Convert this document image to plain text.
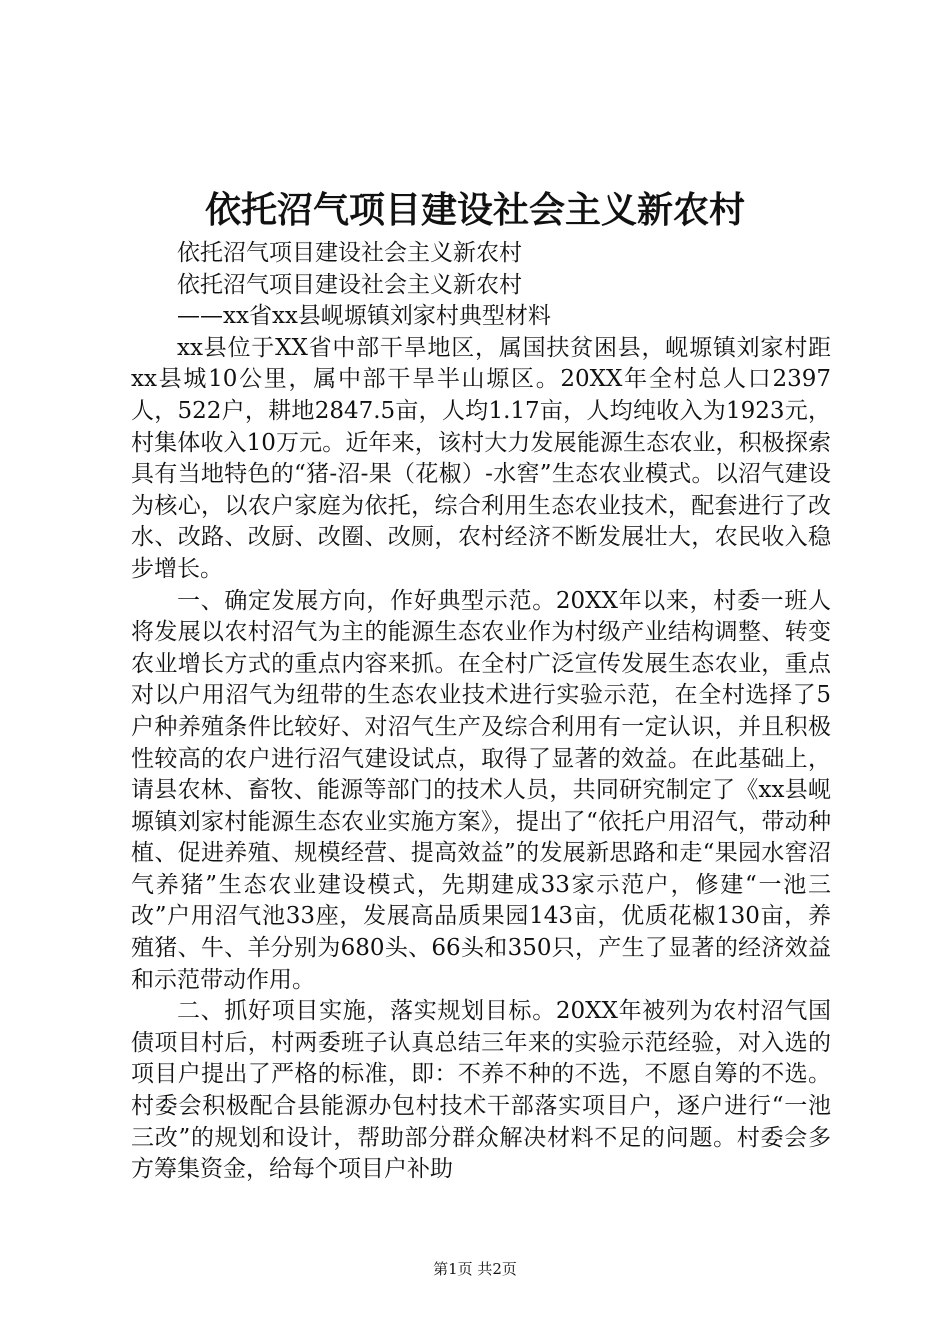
依托沼气项目建设社会主义新农村

依托沼气项目建设社会主义新农村

依托沼气项目建设社会主义新农村

——xx省xx县岘塬镇刘家村典型材料

xx县位于XX省中部干旱地区，属国扶贫困县，岘塬镇刘家村距xx县城10公里，属中部干旱半山塬区。20XX年全村总人口2397人，522户，耕地2847.5亩，人均1.17亩，人均纯收入为1923元，村集体收入10万元。近年来，该村大力发展能源生态农业，积极探索具有当地特色的“猪-沼-果（花椒）-水窖”生态农业模式。以沼气建设为核心，以农户家庭为依托，综合利用生态农业技术，配套进行了改水、改路、改厨、改圈、改厕，农村经济不断发展壮大，农民收入稳步增长。

一、确定发展方向，作好典型示范。20XX年以来，村委一班人将发展以农村沼气为主的能源生态农业作为村级产业结构调整、转变农业增长方式的重点内容来抓。在全村广泛宣传发展生态农业，重点对以户用沼气为纽带的生态农业技术进行实验示范，在全村选择了5户种养殖条件比较好、对沼气生产及综合利用有一定认识，并且积极性较高的农户进行沼气建设试点，取得了显著的效益。在此基础上，请县农林、畜牧、能源等部门的技术人员，共同研究制定了《xx县岘塬镇刘家村能源生态农业实施方案》，提出了“依托户用沼气，带动种植、促进养殖、规模经营、提高效益”的发展新思路和走“果园水窖沼气养猪”生态农业建设模式，先期建成33家示范户，修建“一池三改”户用沼气池33座，发展高品质果园143亩，优质花椒130亩，养殖猪、牛、羊分别为680头、66头和350只，产生了显著的经济效益和示范带动作用。

二、抓好项目实施，落实规划目标。20XX年被列为农村沼气国债项目村后，村两委班子认真总结三年来的实验示范经验，对入选的项目户提出了严格的标准，即：不养不种的不选，不愿自筹的不选。村委会积极配合县能源办包村技术干部落实项目户，逐户进行“一池三改”的规划和设计，帮助部分群众解决材料不足的问题。村委会多方筹集资金，给每个项目户补助

第1页 共2页
